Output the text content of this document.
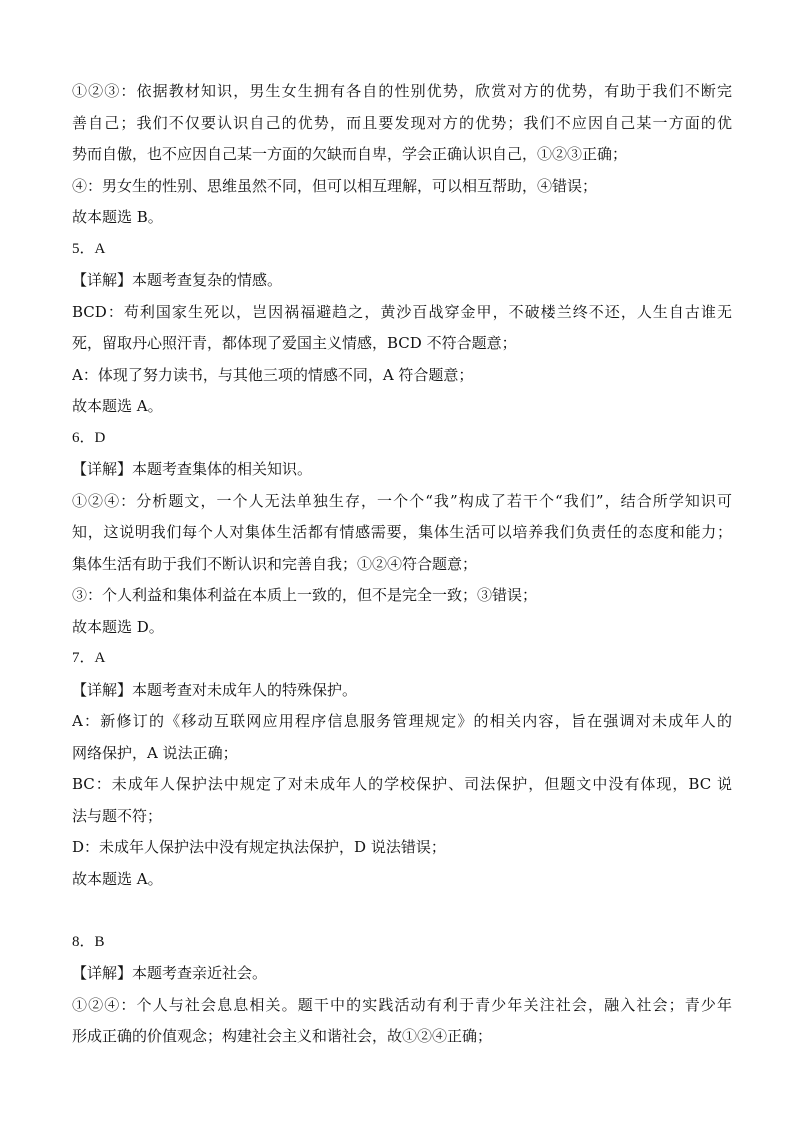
①②③：依据教材知识，男生女生拥有各自的性别优势，欣赏对方的优势，有助于我们不断完
善自己；我们不仅要认识自己的优势，而且要发现对方的优势；我们不应因自己某一方面的优
势而自傲，也不应因自己某一方面的欠缺而自卑，学会正确认识自己，①②③正确；
④：男女生的性别、思维虽然不同，但可以相互理解，可以相互帮助，④错误；
故本题选 B。
5．A
【详解】本题考查复杂的情感。
BCD：苟利国家生死以，岂因祸福避趋之，黄沙百战穿金甲，不破楼兰终不还，人生自古谁无
死，留取丹心照汗青，都体现了爱国主义情感，BCD 不符合题意；
A：体现了努力读书，与其他三项的情感不同，A 符合题意；
故本题选 A。
6．D
【详解】本题考查集体的相关知识。
①②④：分析题文，一个人无法单独生存，一个个“我”构成了若干个“我们”，结合所学知识可
知，这说明我们每个人对集体生活都有情感需要，集体生活可以培养我们负责任的态度和能力；
集体生活有助于我们不断认识和完善自我；①②④符合题意；
③：个人利益和集体利益在本质上一致的，但不是完全一致；③错误；
故本题选 D。
7．A
【详解】本题考查对未成年人的特殊保护。
A：新修订的《移动互联网应用程序信息服务管理规定》的相关内容，旨在强调对未成年人的
网络保护，A 说法正确；
BC：未成年人保护法中规定了对未成年人的学校保护、司法保护，但题文中没有体现，BC 说
法与题不符；
D：未成年人保护法中没有规定执法保护，D 说法错误；
故本题选 A。
8．B
【详解】本题考查亲近社会。
①②④：个人与社会息息相关。题干中的实践活动有利于青少年关注社会，融入社会；青少年
形成正确的价值观念；构建社会主义和谐社会，故①②④正确；
